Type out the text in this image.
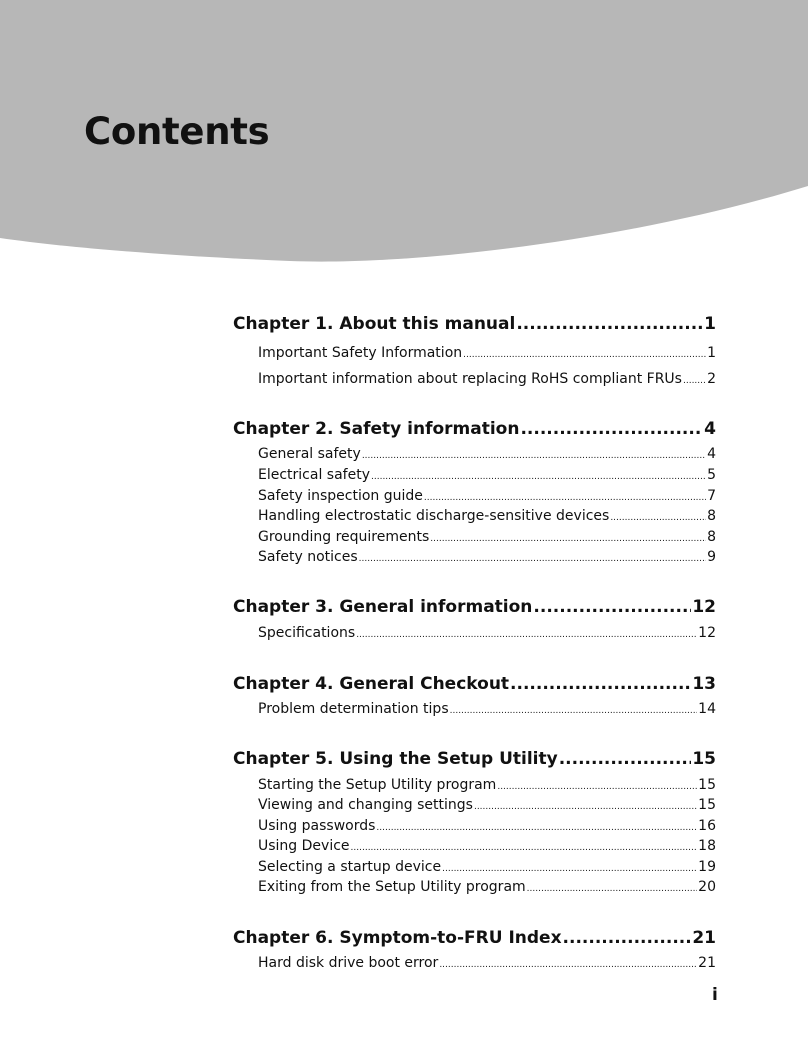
Contents
Chapter 1. About this manual .....	1
Important Safety Information .....	1
Important information about replacing RoHS compliant FRUs ..... 2
Chapter 2. Safety information .....	4
General safety .....	4
Electrical safety .....	5
Safety inspection guide .....	7
Handling electrostatic discharge-sensitive devices .....	8
Grounding requirements .....	8
Safety notices .....	9
Chapter 3. General information .....	12
Specifications .....	12
Chapter 4. General Checkout .....	13
Problem determination tips .....	14
Chapter 5. Using the Setup Utility .....	15
Starting the Setup Utility program .....	15
Viewing and changing settings .....	15
Using passwords .....	16
Using Device .....	18
Selecting a startup device .....	19
Exiting from the Setup Utility program .....	20
Chapter 6. Symptom-to-FRU Index .....	21
Hard disk drive boot error .....	21
i
